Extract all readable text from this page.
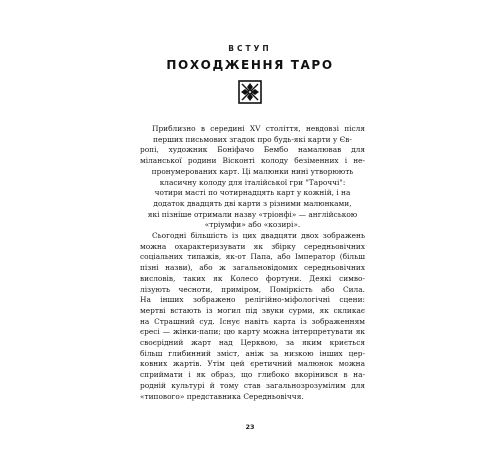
ВСТУП
ПОХОДЖЕННЯ ТАРО

Приблизно в середині XV століття, невдовзі після
перших письмових згадок про будь-які карти у Єв-
ропі, художник Боніфачо Бембо намалював для
міланської родини Вісконті колоду безіменних і не-
пронумерованих карт. Ці малюнки нині утворюють
класичну колоду для італійської гри "Тароччі":
чотири масті по чотирнадцять карт у кожній, і на
додаток двадцять дві карти з різними малюнками,
які пізніше отримали назву «тріонфі» — англійською
«тріумфи» або «козирі».

Сьогодні більшість із цих двадцяти двох зображень
можна охарактеризувати як збірку середньовічних
соціальних типажів, як-от Папа, або Імператор (більш
пізні назви), або ж загальновідомих середньовічних
висловів, таких як Колесо фортуни. Деякі симво-
лізують чесноти, приміром, Поміркість або Сила.
На інших зображено релігійно-міфологічні сцени:
мертві встають із могил під звуки сурми, як скликає
на Страшний суд. Існує навіть карта із зображенням
єресі — жінки-папи; цю карту можна інтерпретувати як
своєрідний жарт над Церквою, за яким криється
більш глибинний зміст, аніж за низкою інших цер-
ковних жартів. Утім цей єретичний малюнок можна
сприймати і як образ, що глибоко вкорінився в на-
родній культурі й тому став загальнозрозумілим для
«типового» представника Середньовіччя.

23
